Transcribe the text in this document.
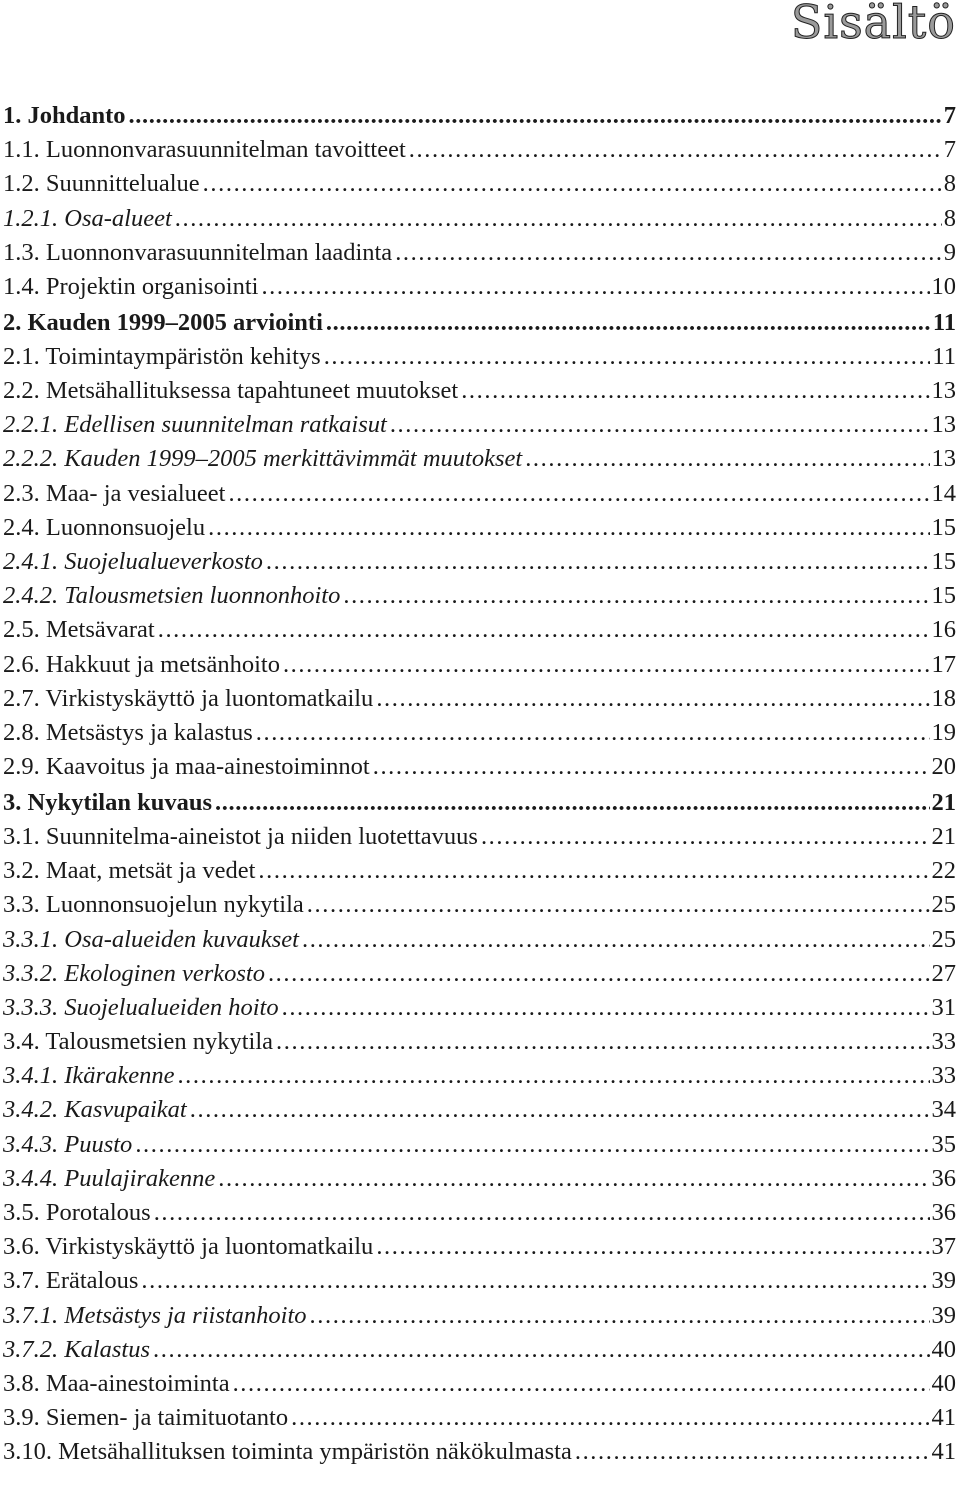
Sisältö
1. Johdanto .....	7
1.1. Luonnonvarasuunnitelman tavoitteet .....	7
1.2. Suunnittelualue .....	8
1.2.1. Osa-alueet .....	8
1.3. Luonnonvarasuunnitelman laadinta .....	9
1.4. Projektin organisointi .....	10
2. Kauden 1999–2005 arviointi .....	11
2.1. Toimintaympäristön kehitys .....	11
2.2. Metsähallituksessa tapahtuneet muutokset .....	13
2.2.1. Edellisen suunnitelman ratkaisut .....	13
2.2.2. Kauden 1999–2005 merkittävimmät muutokset .....	13
2.3. Maa- ja vesialueet .....	14
2.4. Luonnonsuojelu .....	15
2.4.1. Suojelualueverkosto .....	15
2.4.2. Talousmetsien luonnonhoito .....	15
2.5. Metsävarat .....	16
2.6. Hakkuut ja metsänhoito .....	17
2.7. Virkistyskäyttö ja luontomatkailu .....	18
2.8. Metsästys ja kalastus .....	19
2.9. Kaavoitus ja maa-ainestoiminnot .....	20
3. Nykytilan kuvaus .....	21
3.1. Suunnitelma-aineistot ja niiden luotettavuus .....	21
3.2. Maat, metsät ja vedet .....	22
3.3. Luonnonsuojelun nykytila .....	25
3.3.1. Osa-alueiden kuvaukset .....	25
3.3.2. Ekologinen verkosto .....	27
3.3.3. Suojelualueiden hoito .....	31
3.4. Talousmetsien nykytila .....	33
3.4.1. Ikärakenne .....	33
3.4.2. Kasvupaikat .....	34
3.4.3. Puusto .....	35
3.4.4. Puulajirakenne .....	36
3.5. Porotalous .....	36
3.6. Virkistyskäyttö ja luontomatkailu .....	37
3.7. Erätalous .....	39
3.7.1. Metsästys ja riistanhoito .....	39
3.7.2. Kalastus .....	40
3.8. Maa-ainestoiminta .....	40
3.9. Siemen- ja taimituotanto .....	41
3.10. Metsähallituksen toiminta ympäristön näkökulmasta .....	41
